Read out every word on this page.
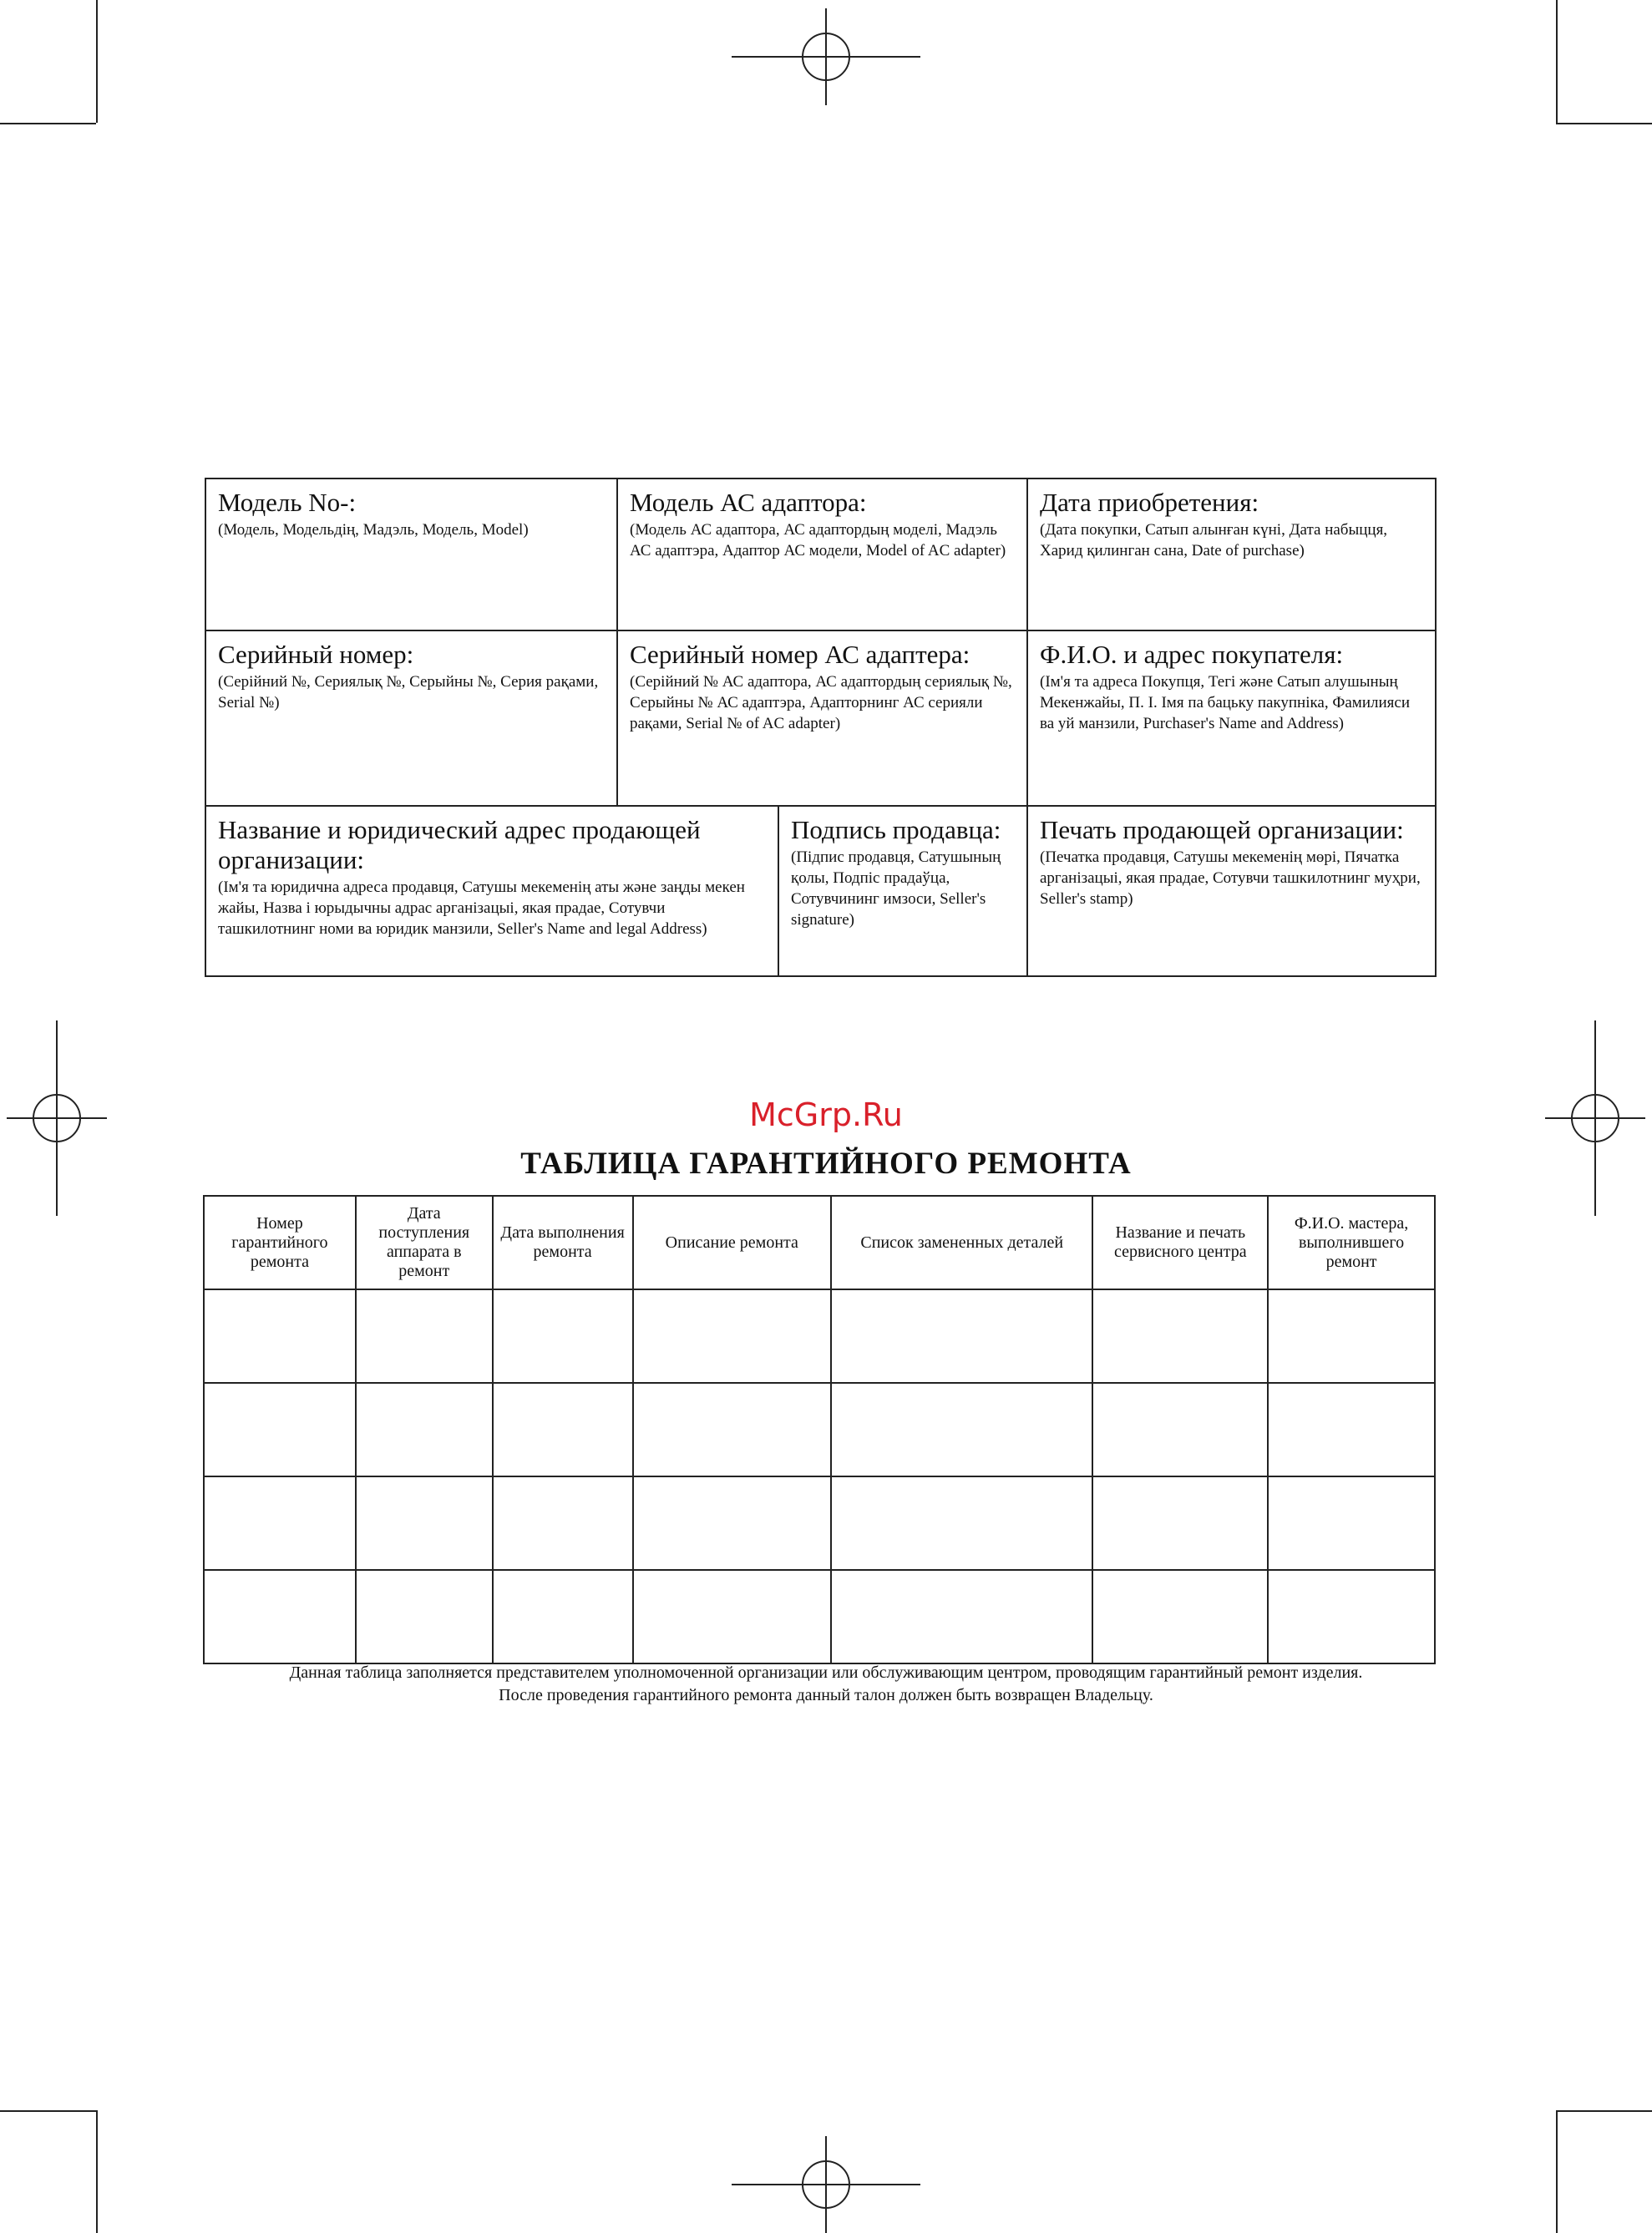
Модель No-:
(Модель, Модельдің, Мадэль, Модель, Model)
Модель АС адаптора:
(Модель АС адаптора, АС адаптордың моделі, Мадэль АС адаптэра, Адаптор АС модели, Model of AC adapter)
Дата приобретения:
(Дата покупки, Сатып алынған күні, Дата набыцця, Харид қилинган сана, Date of purchase)
Серийный номер:
(Серійний №, Сериялық №, Серыйны №, Серия рақами, Serial №)
Серийный номер АС адаптера:
(Серійний № АС адаптора, АС адаптордың сериялық №, Серыйны № АС адаптэра, Адапторнинг АС серияли рақами, Serial № of AC adapter)
Ф.И.О. и адрес покупателя:
(Ім'я та адреса Покупця, Тегі және Сатып алушының Мекенжайы, П. І. Імя па бацьку пакупніка, Фамилияси ва уй манзили, Purchaser's Name and Address)
Название и юридический адрес продающей организации:
(Ім'я та юридична адреса продавця, Сатушы мекеменің аты және заңды мекен жайы, Назва і юрыдычны адрас арганізацыі, якая прадае, Сотувчи ташкилотнинг номи ва юридик манзили, Seller's Name and legal Address)
Подпись продавца:
(Підпис продавця, Сатушының қолы, Подпіс прадаўца, Сотувчининг имзоси, Seller's signature)
Печать продающей организации:
(Печатка продавця, Сатушы мекеменің мөрі, Пячатка арганізацыі, якая прадае, Сотувчи ташкилотнинг муҳри, Seller's stamp)
McGrp.Ru
ТАБЛИЦА ГАРАНТИЙНОГО РЕМОНТА
Номер гарантийного ремонта	Дата поступления аппарата в ремонт	Дата выполнения ремонта	Описание ремонта	Список замененных деталей	Название и печать сервисного центра	Ф.И.О. мастера, выполнившего ремонт

Данная таблица заполняется представителем уполномоченной организации или обслуживающим центром, проводящим гарантийный ремонт изделия.
После проведения гарантийного ремонта данный талон должен быть возвращен Владельцу.
